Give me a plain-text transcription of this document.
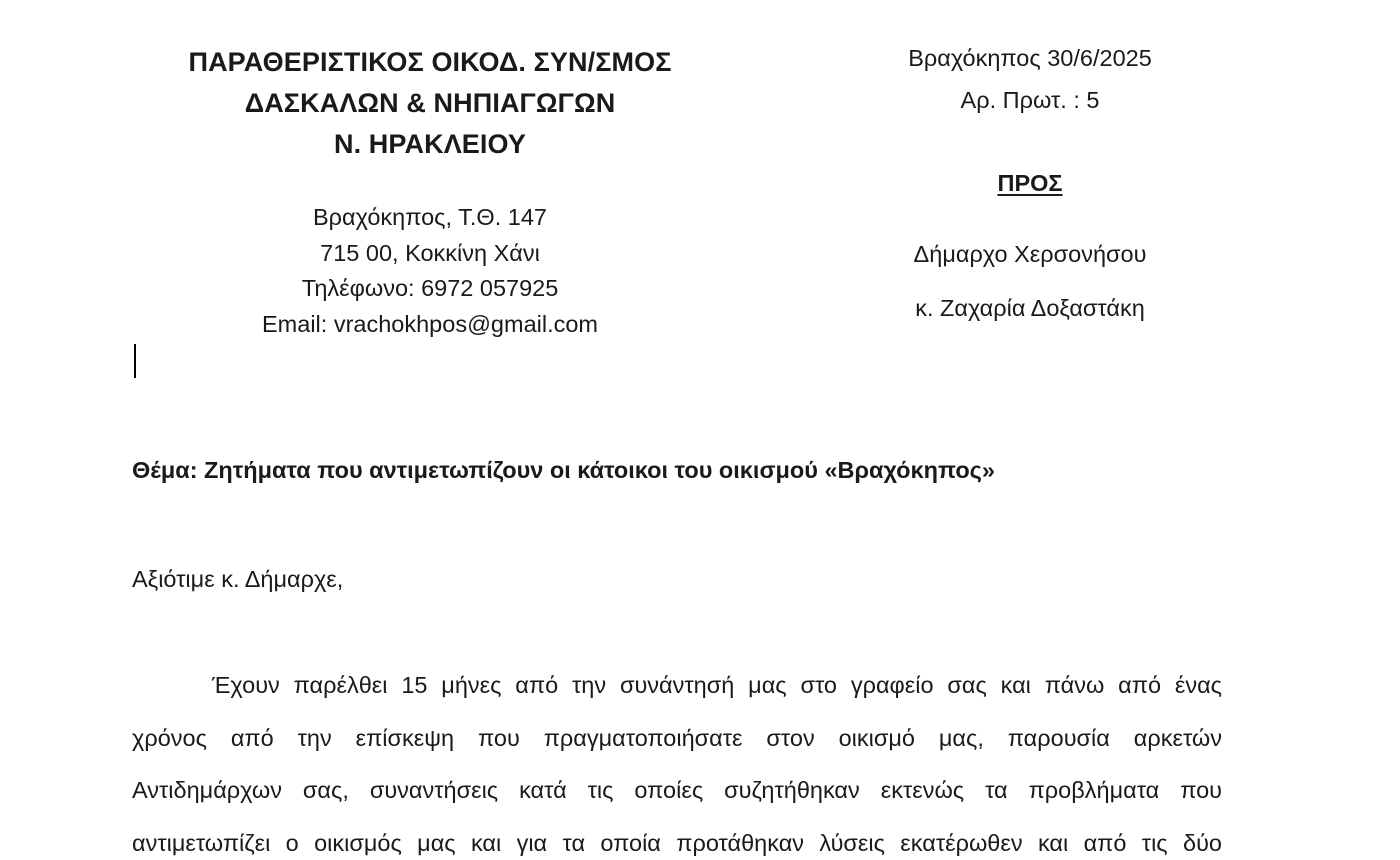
ΠΑΡΑΘΕΡΙΣΤΙΚΟΣ ΟΙΚΟΔ. ΣΥΝ/ΣΜΟΣ
ΔΑΣΚΑΛΩΝ & ΝΗΠΙΑΓΩΓΩΝ
Ν. ΗΡΑΚΛΕΙΟΥ
Βραχόκηπος, Τ.Θ. 147
715 00, Κοκκίνη Χάνι
Τηλέφωνο: 6972 057925
Email: vrachokhpos@gmail.com
Βραχόκηπος 30/6/2025
Αρ. Πρωτ. : 5
ΠΡΟΣ
Δήμαρχο Χερσονήσου
κ. Ζαχαρία Δοξαστάκη
Θέμα: Ζητήματα που αντιμετωπίζουν οι κάτοικοι του οικισμού «Βραχόκηπος»
Αξιότιμε κ. Δήμαρχε,
Έχουν παρέλθει 15 μήνες από την συνάντησή μας στο γραφείο σας και πάνω από ένας
χρόνος από την επίσκεψη που πραγματοποιήσατε στον οικισμό μας, παρουσία αρκετών
Αντιδημάρχων σας, συναντήσεις κατά τις οποίες συζητήθηκαν εκτενώς τα προβλήματα που
αντιμετωπίζει ο οικισμός μας και για τα οποία προτάθηκαν λύσεις εκατέρωθεν και από τις δύο
